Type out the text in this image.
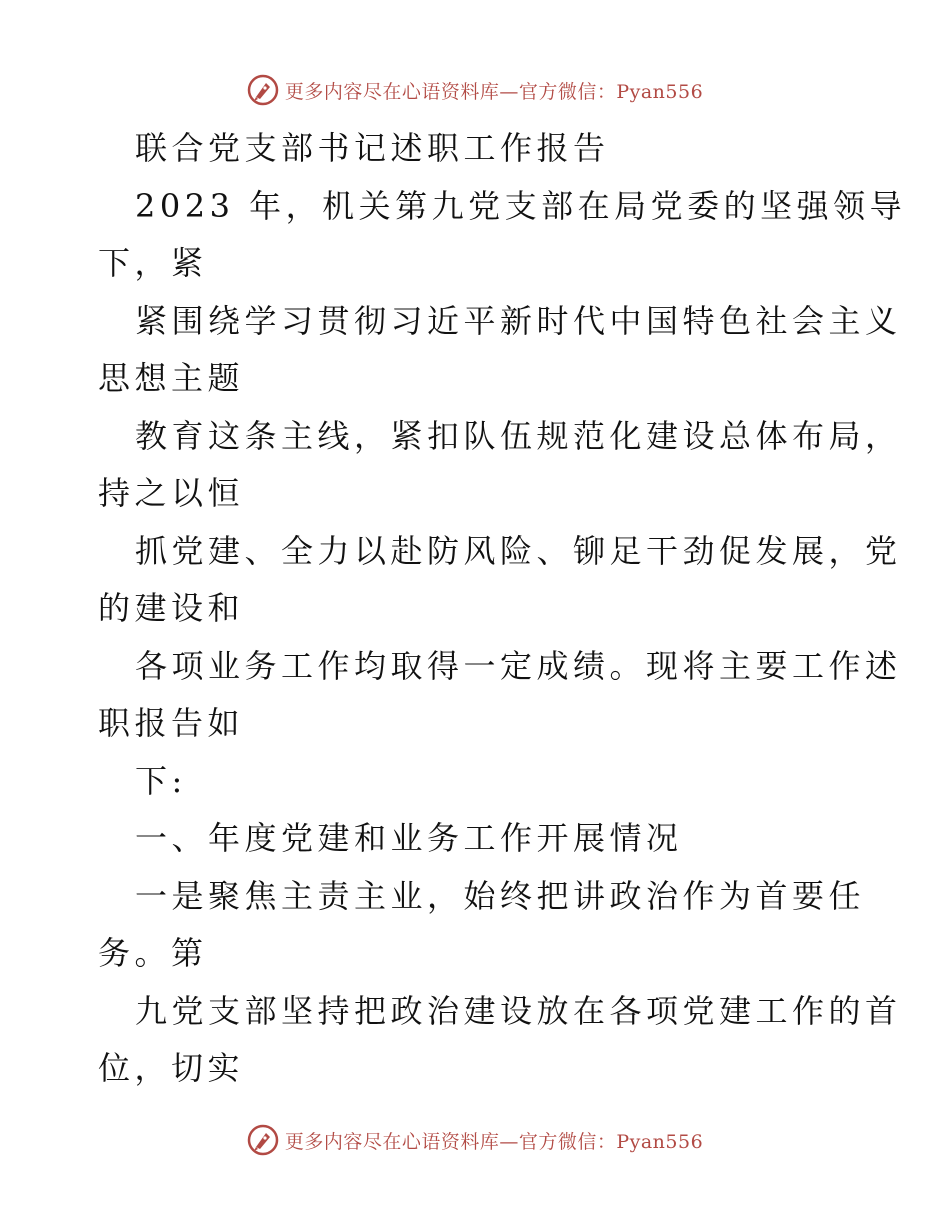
更多内容尽在心语资料库—官方微信：Pyan556
联合党支部书记述职工作报告
2023 年，机关第九党支部在局党委的坚强领导
下，紧
紧围绕学习贯彻习近平新时代中国特色社会主义
思想主题
教育这条主线，紧扣队伍规范化建设总体布局，
持之以恒
抓党建、全力以赴防风险、铆足干劲促发展，党
的建设和
各项业务工作均取得一定成绩。现将主要工作述
职报告如
下:
一、年度党建和业务工作开展情况
一是聚焦主责主业，始终把讲政治作为首要任
务。第
九党支部坚持把政治建设放在各项党建工作的首
位，切实
更多内容尽在心语资料库—官方微信：Pyan556
